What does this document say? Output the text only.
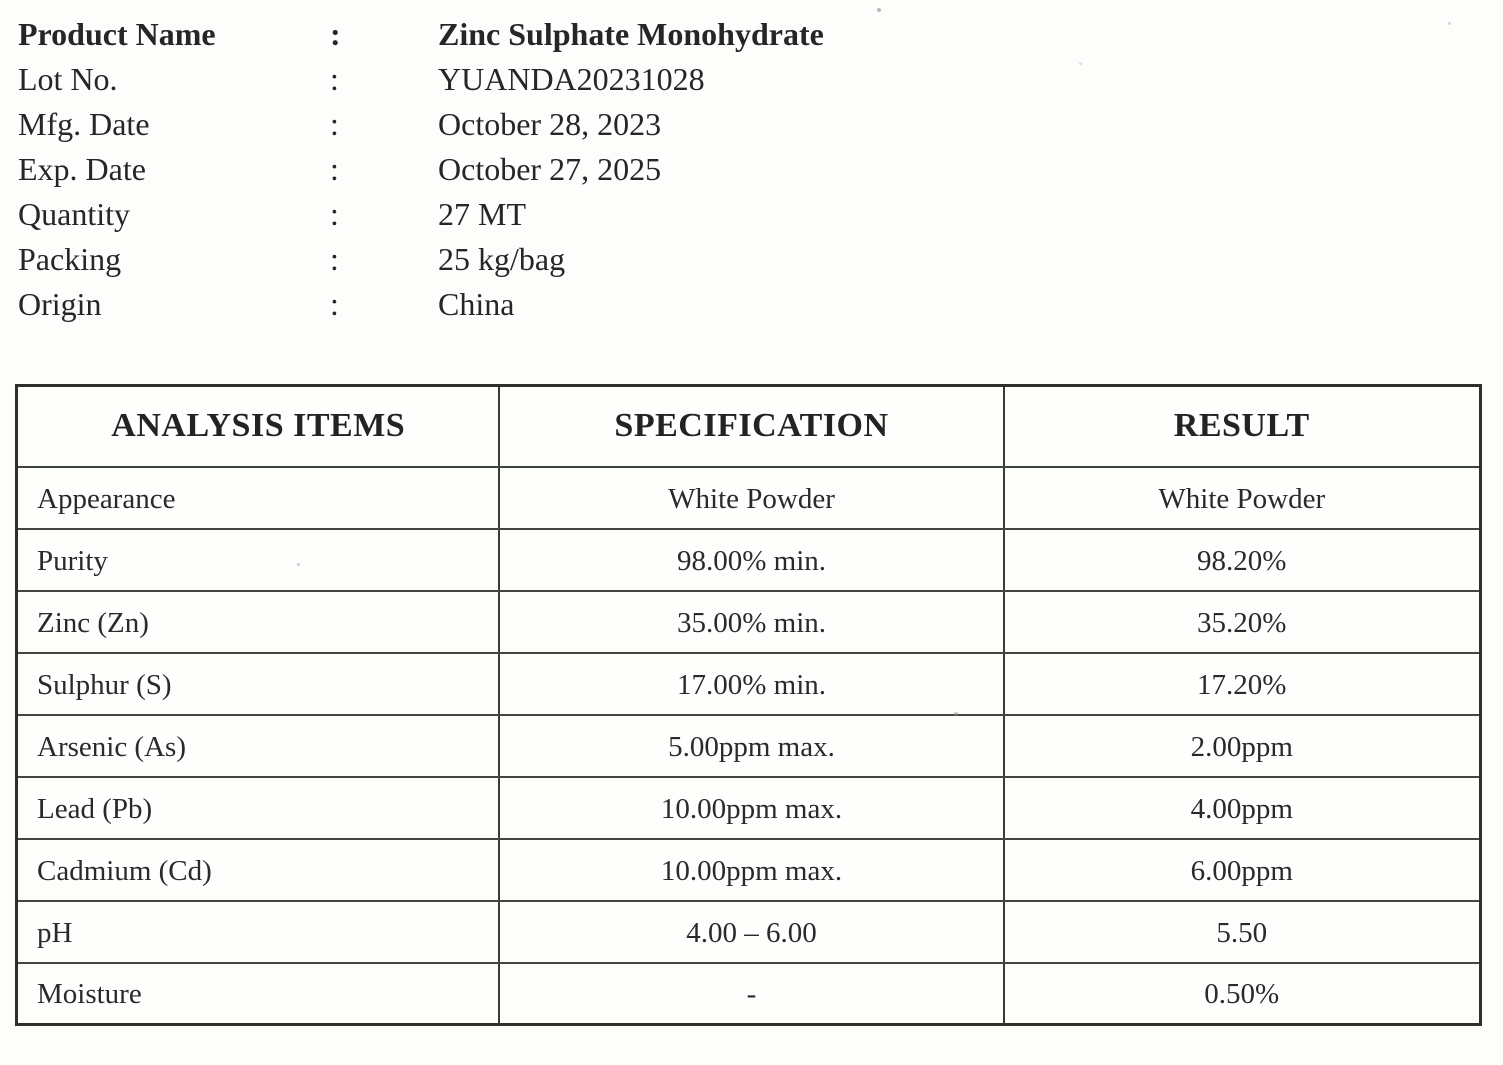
Product Name	:	Zinc Sulphate Monohydrate
Lot No.	:	YUANDA20231028
Mfg. Date	:	October 28, 2023
Exp. Date	:	October 27, 2025
Quantity	:	27 MT
Packing	:	25 kg/bag
Origin	:	China
ANALYSIS ITEMS	SPECIFICATION	RESULT
Appearance	White Powder	White Powder
Purity	98.00% min.	98.20%
Zinc (Zn)	35.00% min.	35.20%
Sulphur (S)	17.00% min.	17.20%
Arsenic (As)	5.00ppm max.	2.00ppm
Lead (Pb)	10.00ppm max.	4.00ppm
Cadmium (Cd)	10.00ppm max.	6.00ppm
pH	4.00 – 6.00	5.50
Moisture	-	0.50%
